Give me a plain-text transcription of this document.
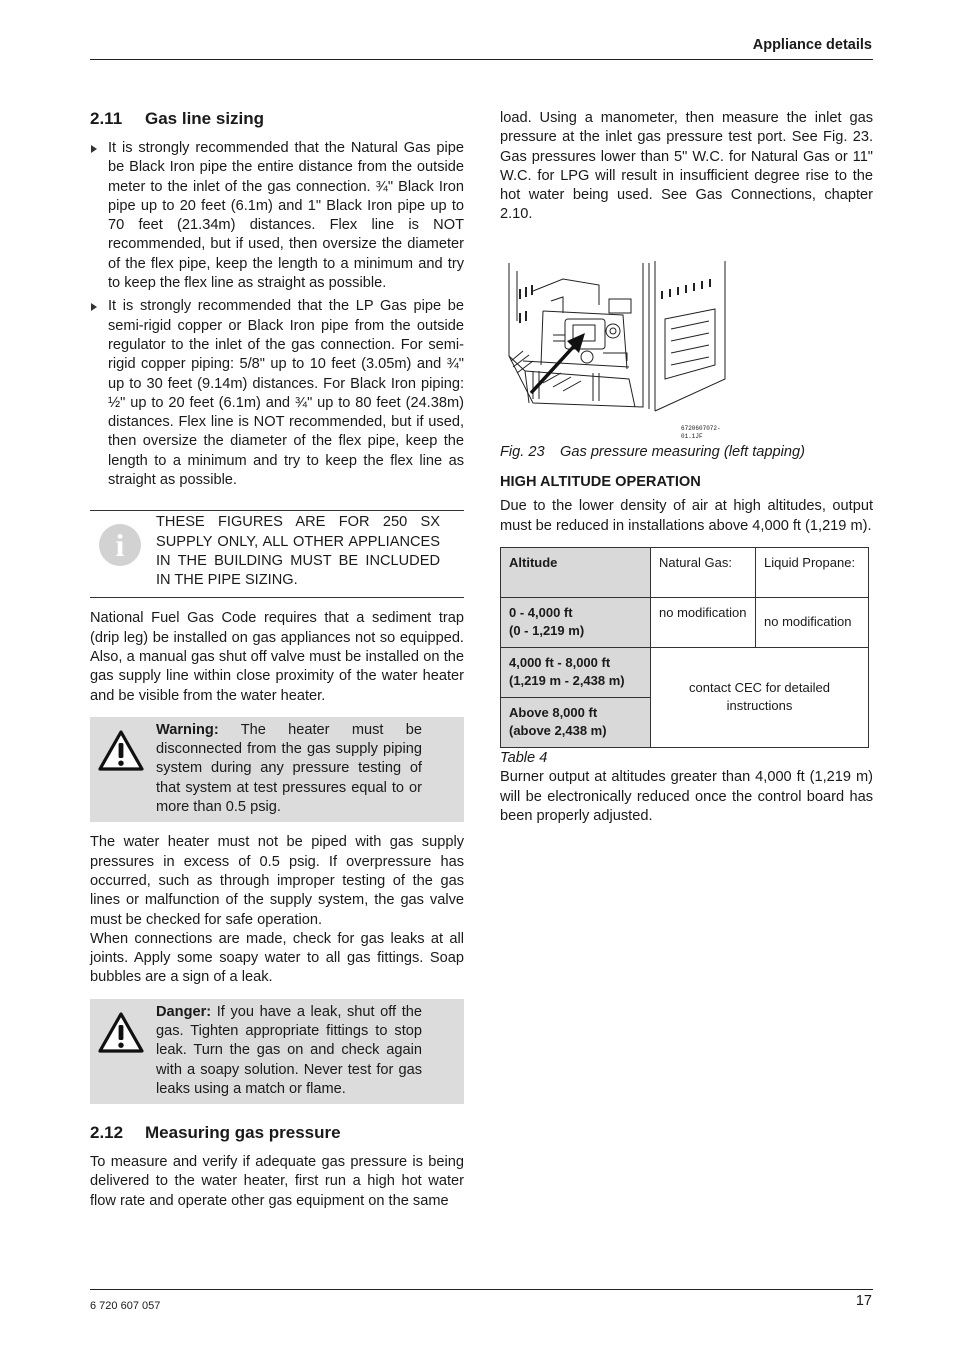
Appliance details
2.11 Gas line sizing
It is strongly recommended that the Natural Gas pipe be Black Iron pipe the entire distance from the outside meter to the inlet of the gas connection. ¾" Black Iron pipe up to 20 feet (6.1m) and 1" Black Iron pipe up to 70 feet (21.34m) distances. Flex line is NOT recommended, but if used, then oversize the diameter of the flex pipe, keep the length to a minimum and try to keep the flex line as straight as possible.
It is strongly recommended that the LP Gas pipe be semi-rigid copper or Black Iron pipe from the outside regulator to the inlet of the gas connection. For semi-rigid copper piping: 5/8" up to 10 feet (3.05m) and ¾" up to 30 feet (9.14m) distances. For Black Iron piping: ½" up to 20 feet (6.1m) and ¾" up to 80 feet (24.38m) distances. Flex line is NOT recommended, but if used, then oversize the diameter of the flex pipe, keep the length to a minimum and try to keep the flex line as straight as possible.
i
THESE FIGURES ARE FOR 250 SX SUPPLY ONLY, ALL OTHER APPLIANCES IN THE BUILDING MUST BE INCLUDED IN THE PIPE SIZING.

National Fuel Gas Code requires that a sediment trap (drip leg) be installed on gas appliances not so equipped. Also, a manual gas shut off valve must be installed on the gas supply line within close proximity of the water heater and be visible from the water heater.

Warning: The heater must be disconnected from the gas supply piping system during any pressure testing of that system at test pressures equal to or more than 0.5 psig.

The water heater must not be piped with gas supply pressures in excess of 0.5 psig. If overpressure has occurred, such as through improper testing of the gas lines or malfunction of the supply system, the gas valve must be checked for safe operation.

When connections are made, check for gas leaks at all joints. Apply some soapy water to all gas fittings. Soap bubbles are a sign of a leak.

Danger: If you have a leak, shut off the gas. Tighten appropriate fittings to stop leak. Turn the gas on and check again with a soapy solution. Never test for gas leaks using a match or flame.
2.12 Measuring gas pressure

To measure and verify if adequate gas pressure is being delivered to the water heater, first run a high hot water flow rate and operate other gas equipment on the same

load. Using a manometer, then measure the inlet gas pressure at the inlet gas pressure test port. See Fig. 23. Gas pressures lower than 5" W.C. for Natural Gas or 11" W.C. for LPG will result in insufficient degree rise to the hot water being used. See Gas Connections, chapter 2.10.

6720607072-01.1JF
Fig. 23 Gas pressure measuring (left tapping)
HIGH ALTITUDE OPERATION

Due to the lower density of air at high altitudes, output must be reduced in installations above 4,000 ft (1,219 m).

Altitude	Natural Gas:	Liquid Propane:

0 - 4,000 ft
(0 - 1,219 m)	no modification	no modification

4,000 ft - 8,000 ft
(1,219 m - 2,438 m)	contact CEC for detailed instructions	

Above 8,000 ft
(above 2,438 m)		
Table 4

Burner output at altitudes greater than 4,000 ft (1,219 m) will be electronically reduced once the control board has been properly adjusted.

6 720 607 057	17
